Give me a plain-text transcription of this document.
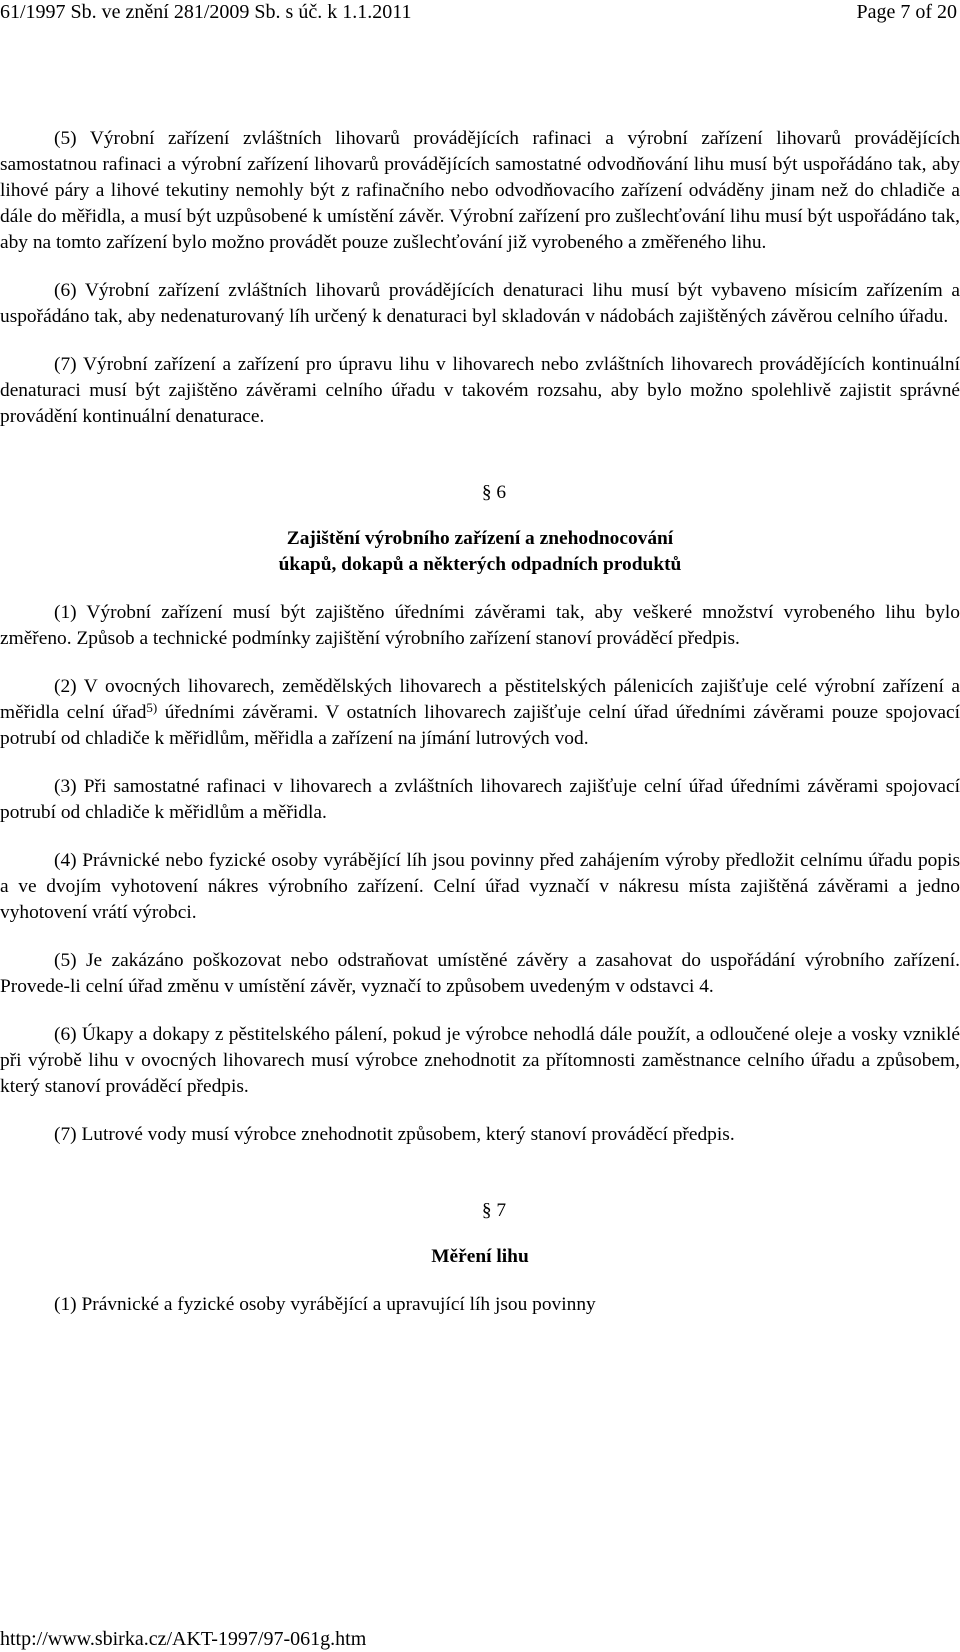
61/1997 Sb. ve znění 281/2009 Sb. s úč. k 1.1.2011	Page 7 of 20

(5) Výrobní zařízení zvláštních lihovarů provádějících rafinaci a výrobní zařízení lihovarů provádějících samostatnou rafinaci a výrobní zařízení lihovarů provádějících samostatné odvodňování lihu musí být uspořádáno tak, aby lihové páry a lihové tekutiny nemohly být z rafinačního nebo odvodňovacího zařízení odváděny jinam než do chladiče a dále do měřidla, a musí být uzpůsobené k umístění závěr. Výrobní zařízení pro zušlechťování lihu musí být uspořádáno tak, aby na tomto zařízení bylo možno provádět pouze zušlechťování již vyrobeného a změřeného lihu.

(6) Výrobní zařízení zvláštních lihovarů provádějících denaturaci lihu musí být vybaveno mísicím zařízením a uspořádáno tak, aby nedenaturovaný líh určený k denaturaci byl skladován v nádobách zajištěných závěrou celního úřadu.

(7) Výrobní zařízení a zařízení pro úpravu lihu v lihovarech nebo zvláštních lihovarech provádějících kontinuální denaturaci musí být zajištěno závěrami celního úřadu v takovém rozsahu, aby bylo možno spolehlivě zajistit správné provádění kontinuální denaturace.

§ 6

Zajištění výrobního zařízení a znehodnocování

úkapů, dokapů a některých odpadních produktů

(1) Výrobní zařízení musí být zajištěno úředními závěrami tak, aby veškeré množství vyrobeného lihu bylo změřeno. Způsob a technické podmínky zajištění výrobního zařízení stanoví prováděcí předpis.

(2) V ovocných lihovarech, zemědělských lihovarech a pěstitelských pálenicích zajišťuje celé výrobní zařízení a měřidla celní úřad$^{5)}$ úředními závěrami. V ostatních lihovarech zajišťuje celní úřad úředními závěrami pouze spojovací potrubí od chladiče k měřidlům, měřidla a zařízení na jímání lutrových vod.

(3) Při samostatné rafinaci v lihovarech a zvláštních lihovarech zajišťuje celní úřad úředními závěrami spojovací potrubí od chladiče k měřidlům a měřidla.

(4) Právnické nebo fyzické osoby vyrábějící líh jsou povinny před zahájením výroby předložit celnímu úřadu popis a ve dvojím vyhotovení nákres výrobního zařízení. Celní úřad vyznačí v nákresu místa zajištěná závěrami a jedno vyhotovení vrátí výrobci.

(5) Je zakázáno poškozovat nebo odstraňovat umístěné závěry a zasahovat do uspořádání výrobního zařízení. Provede-li celní úřad změnu v umístění závěr, vyznačí to způsobem uvedeným v odstavci 4.

(6) Úkapy a dokapy z pěstitelského pálení, pokud je výrobce nehodlá dále použít, a odloučené oleje a vosky vzniklé při výrobě lihu v ovocných lihovarech musí výrobce znehodnotit za přítomnosti zaměstnance celního úřadu a způsobem, který stanoví prováděcí předpis.

(7) Lutrové vody musí výrobce znehodnotit způsobem, který stanoví prováděcí předpis.

§ 7

Měření lihu

(1) Právnické a fyzické osoby vyrábějící a upravující líh jsou povinny

http://www.sbirka.cz/AKT-1997/97-061g.htm
